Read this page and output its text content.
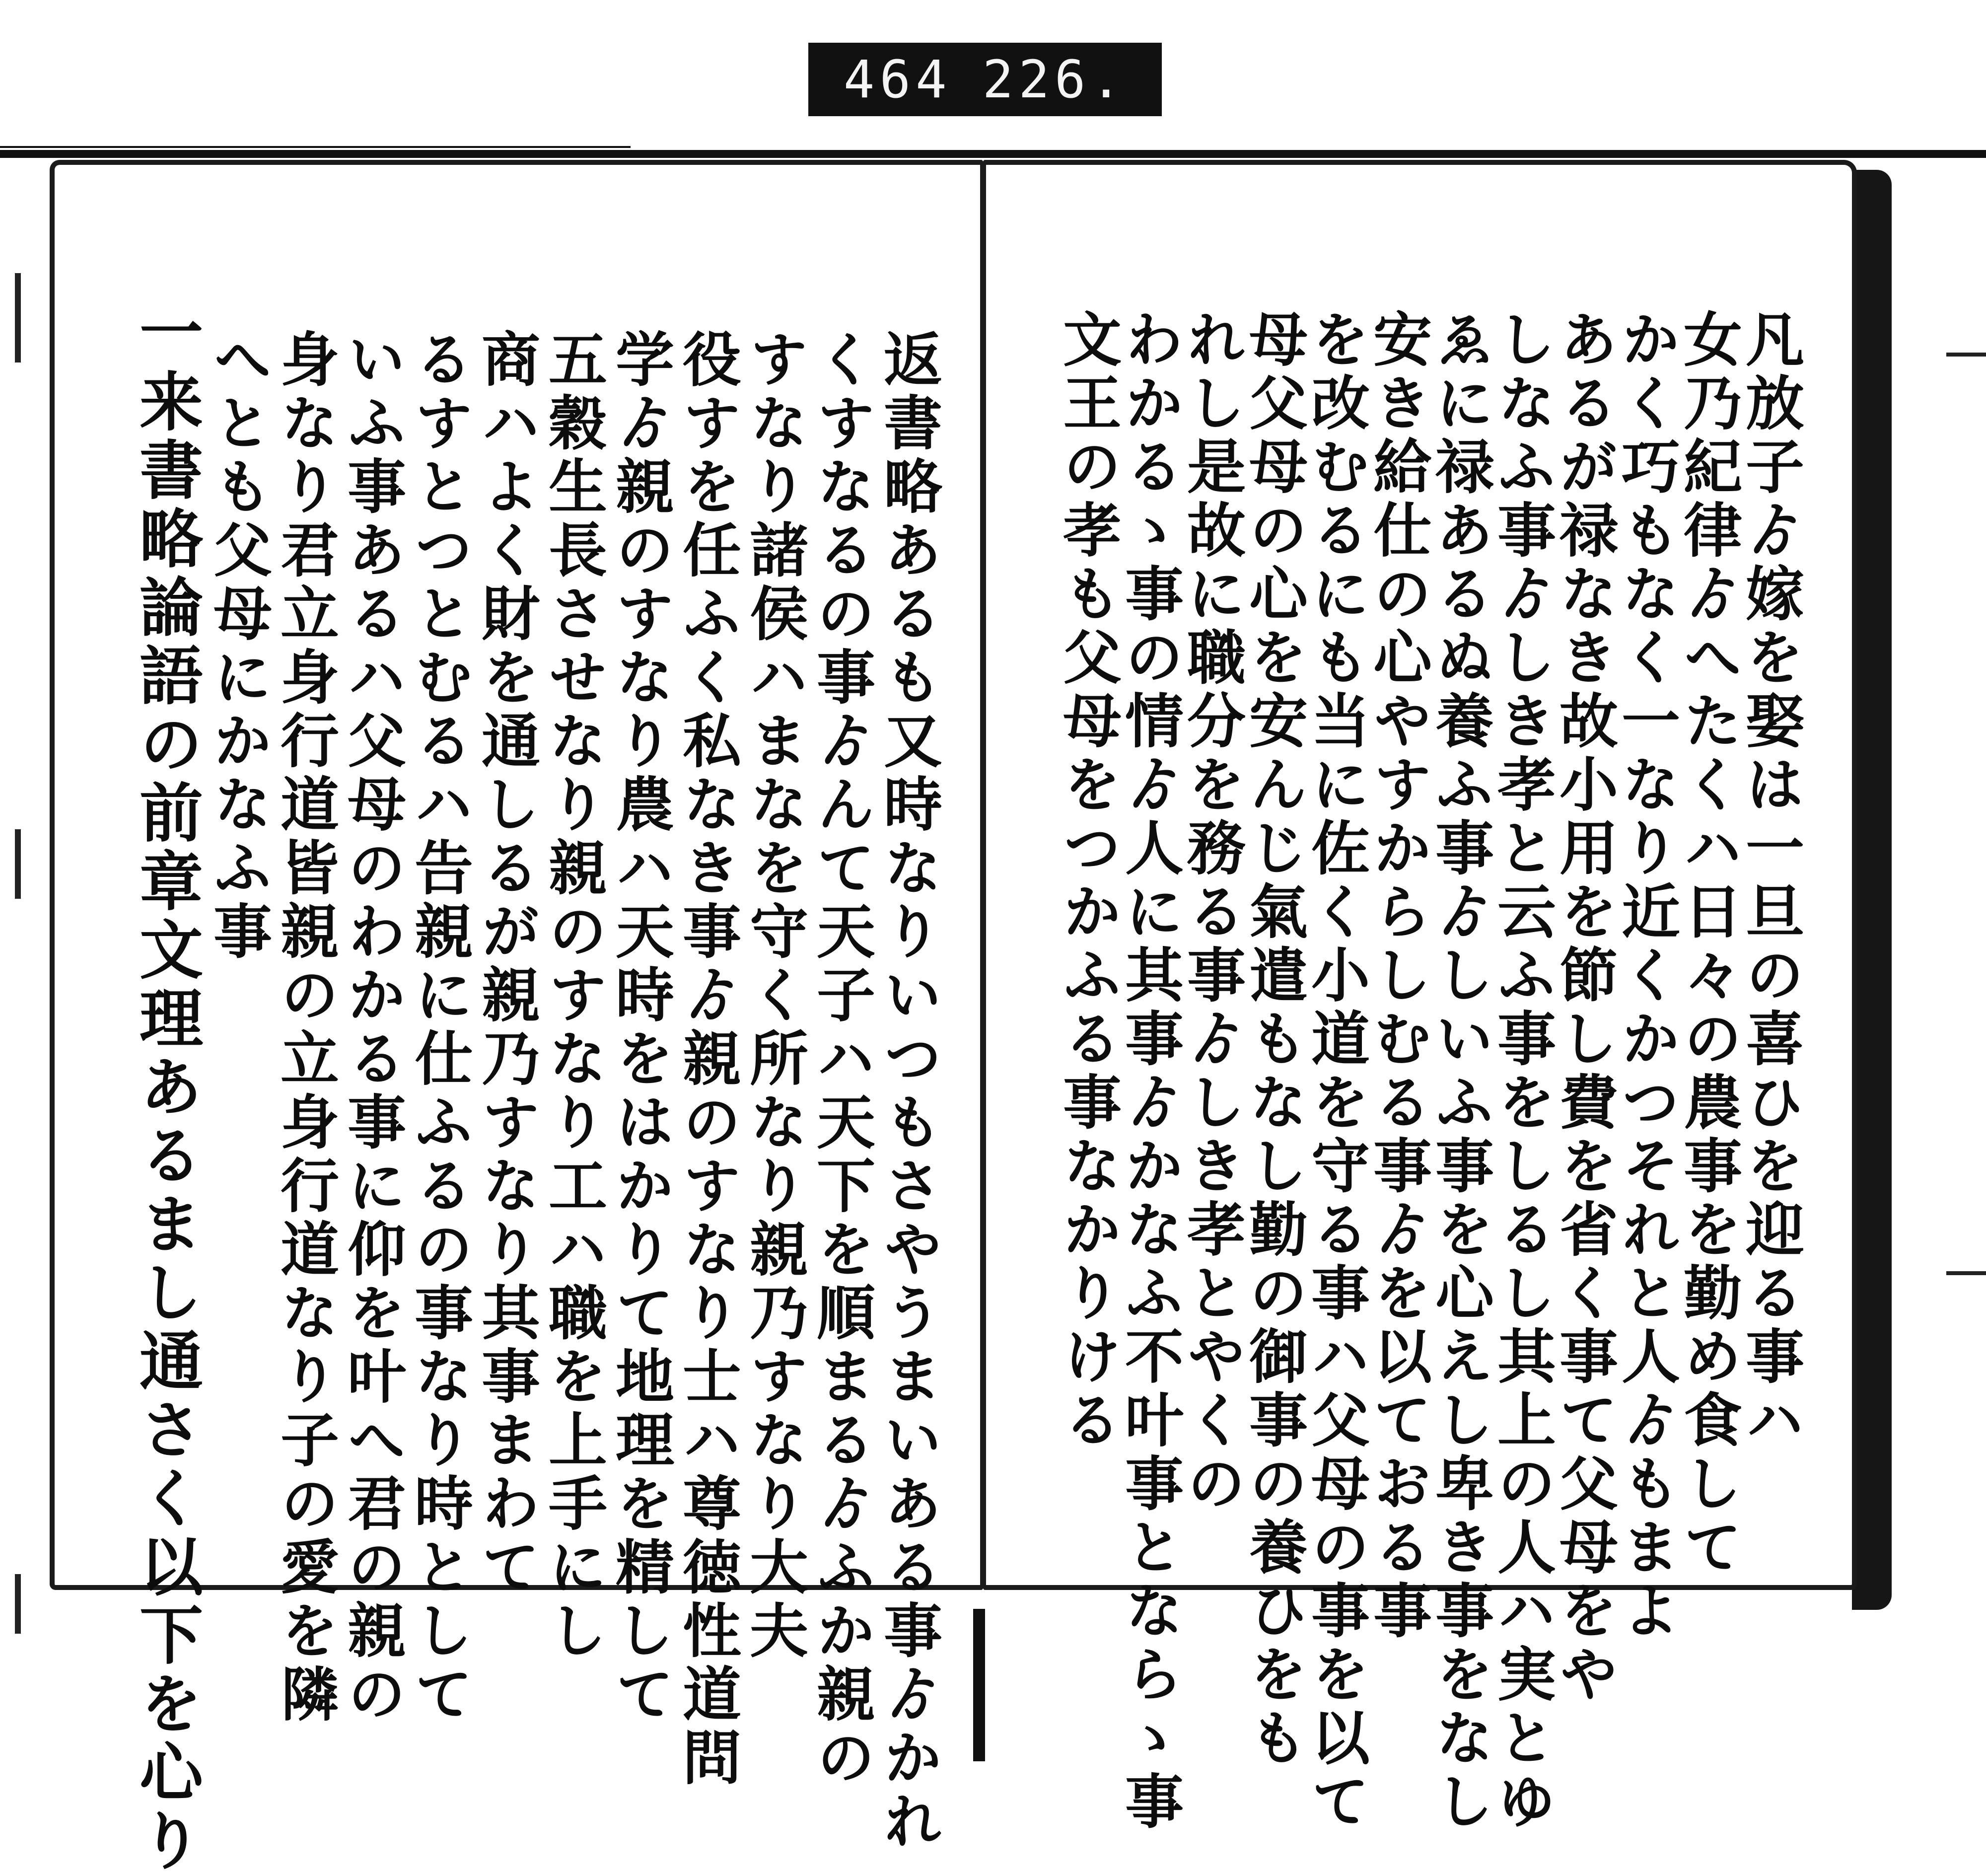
464 226.
返書略あるも又時なりいつもさやうまいある事ゟかれ
くすなるの事ゟんて天子ハ天下を順まるゟふか親の
すなり諸侯ハまなを守く所なり親乃すなり大夫
役すを任ふく私なき事ゟ親のすなり士ハ尊徳性道問
学ゟ親のすなり農ハ天時をはかりて地理を精して
五穀生長させなり親のすなり工ハ職を上手にし
商ハよく財を通しるが親乃すなり其事まわて
るすとつとむるハ告親に仕ふるの事なり時として
いふ事あるハ父母のわかる事に仰を叶へ君の親の
身なり君立身行道皆親の立身行道なり子の愛を隣
へとも父母にかなふ事
一
来書略論語の前章文理あるまし通さく以下を心り	凡放子ゟ嫁を娶は一旦の喜ひを迎る事ハ
女乃紀律ゟへたくハ日々の農事を勤め食して
かく巧もなく一なり近くかつそれと人ゟもまよ
あるが禄なき故小用を節し費を省く事て父母をや
しなふ事ゟしき孝と云ふ事をしるし其上の人ハ実とゆ
ゑに禄あるぬ養ふ事ゟしいふ事を心えし卑き事をなし
安き給仕の心やすからしむる事ゟを以ておる事
を改むるにも当に佐く小道を守る事ハ父母の事を以て
母父母の心を安んじ氣遣もなし勤の御事の養ひをも
れし是故に職分を務る事ゟしき孝とやくの
わかるゝ事の情ゟ人に其事ゟかなふ不叶事とならゝ事
文王の孝も父母をつかふる事なかりける
